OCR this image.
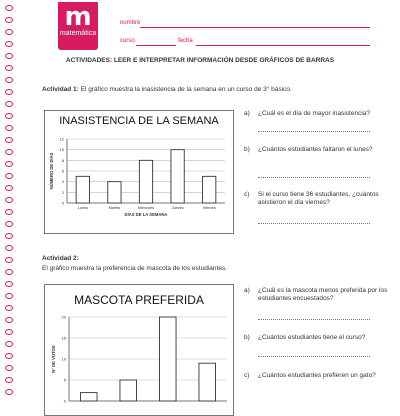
m
matemática
4° básico
nombre
curso	fecha
ACTIVIDADES: LEER E INTERPRETAR INFORMACIÓN DESDE GRÁFICOS DE BARRAS
Actividad 1: El gráfico muestra la inasistencia de la semana en un curso de 3° básico.
INASISTENCIA DE LA SEMANA
0
2
4
6
8
10
12
Lunes	Martes	Miércoles	Jueves	Viernes
DÍAS DE LA SEMANA
NÚMERO DE DÍAS
a) ¿Cuál es el día de mayor inasistencia?
b) ¿Cuántos estudiantes faltaron el lunes?
c) Si el curso tiene 36 estudiantes, ¿cuántos asistieron el día viernes?
Actividad 2:
El gráfico muestra la preferencia de mascota de los estudiantes.
MASCOTA PREFERIDA
0
5
10
15
20
N° DE VOTOS
a) ¿Cuál es la mascota menos preferida por los estudiantes encuestados?
b) ¿Cuántos estudiantes tiene el curso?
c) ¿Cuántos estudiantes prefieren un gato?
